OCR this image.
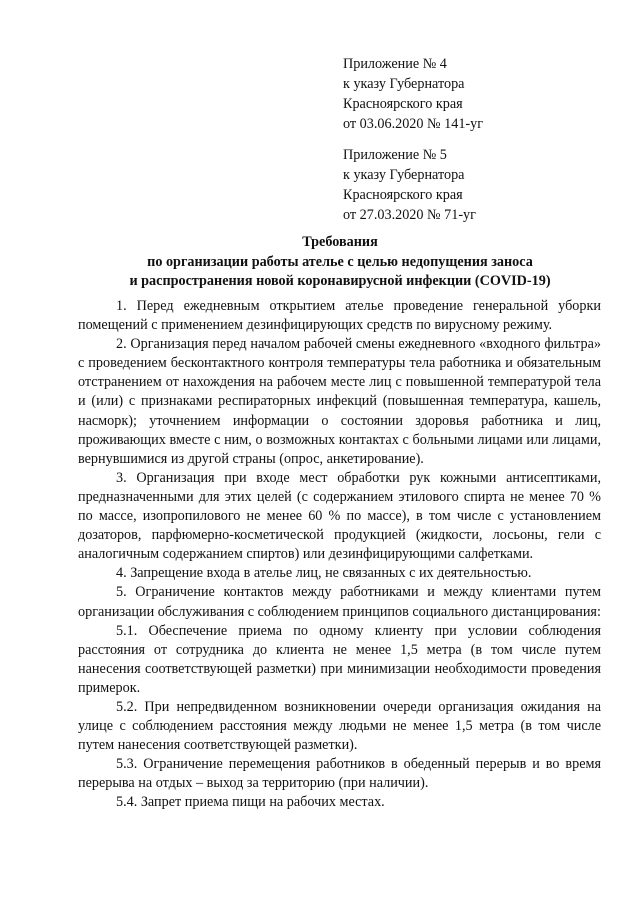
Приложение № 4
к указу Губернатора
Красноярского края
от 03.06.2020 № 141-уг
Приложение № 5
к указу Губернатора
Красноярского края
от 27.03.2020 № 71-уг
Требования
по организации работы ателье с целью недопущения заноса
и распространения новой коронавирусной инфекции (COVID-19)

1. Перед ежедневным открытием ателье проведение генеральной уборки помещений с применением дезинфицирующих средств по вирусному режиму.

2. Организация перед началом рабочей смены ежедневного «входного фильтра» с проведением бесконтактного контроля температуры тела работника и обязательным отстранением от нахождения на рабочем месте лиц с повышенной температурой тела и (или) с признаками респираторных инфекций (повышенная температура, кашель, насморк); уточнением информации о состоянии здоровья работника и лиц, проживающих вместе с ним, о возможных контактах с больными лицами или лицами, вернувшимися из другой страны (опрос, анкетирование).

3. Организация при входе мест обработки рук кожными антисептиками, предназначенными для этих целей (с содержанием этилового спирта не менее 70 % по массе, изопропилового не менее 60 % по массе), в том числе с установлением дозаторов, парфюмерно-косметической продукцией (жидкости, лосьоны, гели с аналогичным содержанием спиртов) или дезинфицирующими салфетками.

4. Запрещение входа в ателье лиц, не связанных с их деятельностью.

5. Ограничение контактов между работниками и между клиентами путем организации обслуживания с соблюдением принципов социального дистанцирования:

5.1. Обеспечение приема по одному клиенту при условии соблюдения расстояния от сотрудника до клиента не менее 1,5 метра (в том числе путем нанесения соответствующей разметки) при минимизации необходимости проведения примерок.

5.2. При непредвиденном возникновении очереди организация ожидания на улице с соблюдением расстояния между людьми не менее 1,5 метра (в том числе путем нанесения соответствующей разметки).

5.3. Ограничение перемещения работников в обеденный перерыв и во время перерыва на отдых – выход за территорию (при наличии).

5.4. Запрет приема пищи на рабочих местах.
